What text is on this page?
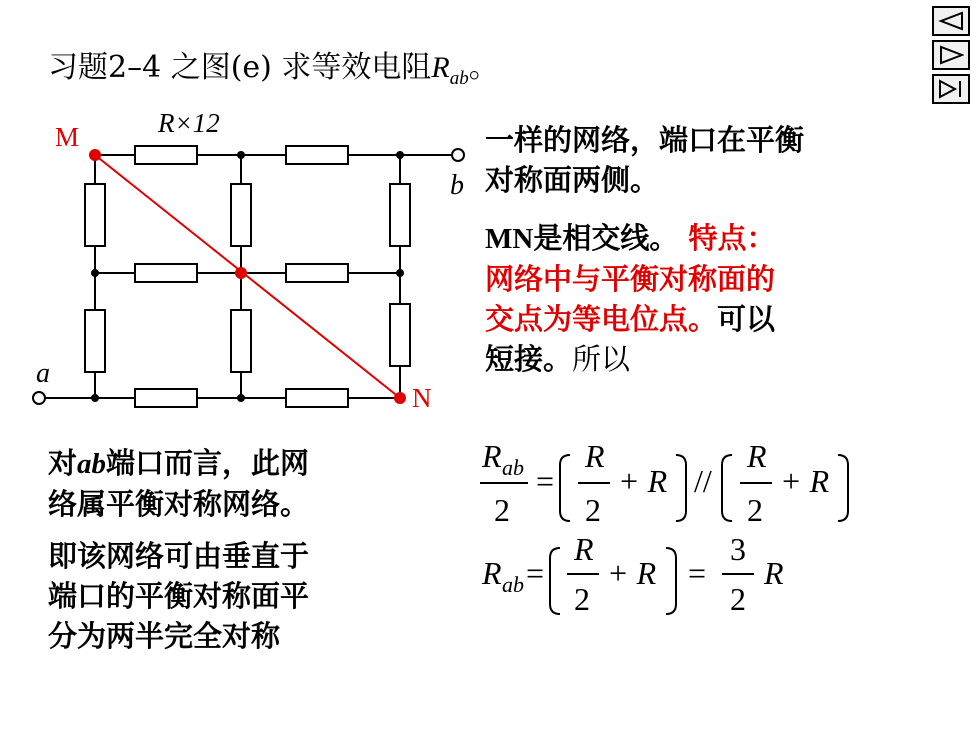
习题2–4 之图(e) 求等效电阻$R_{ab}$。
R×12
M
N
a
b
一样的网络，端口在平衡
对称面两侧。
MN是相交线。 特点：
网络中与平衡对称面的
交点为等电位点。可以
短接。所以
对ab端口而言，此网
络属平衡对称网络。
即该网络可由垂直于
端口的平衡对称面平
分为两半完全对称
R ab
2
=
R
2
+ R //
R
2
+ R
R ab =
R
2
+ R =
3
2
R
